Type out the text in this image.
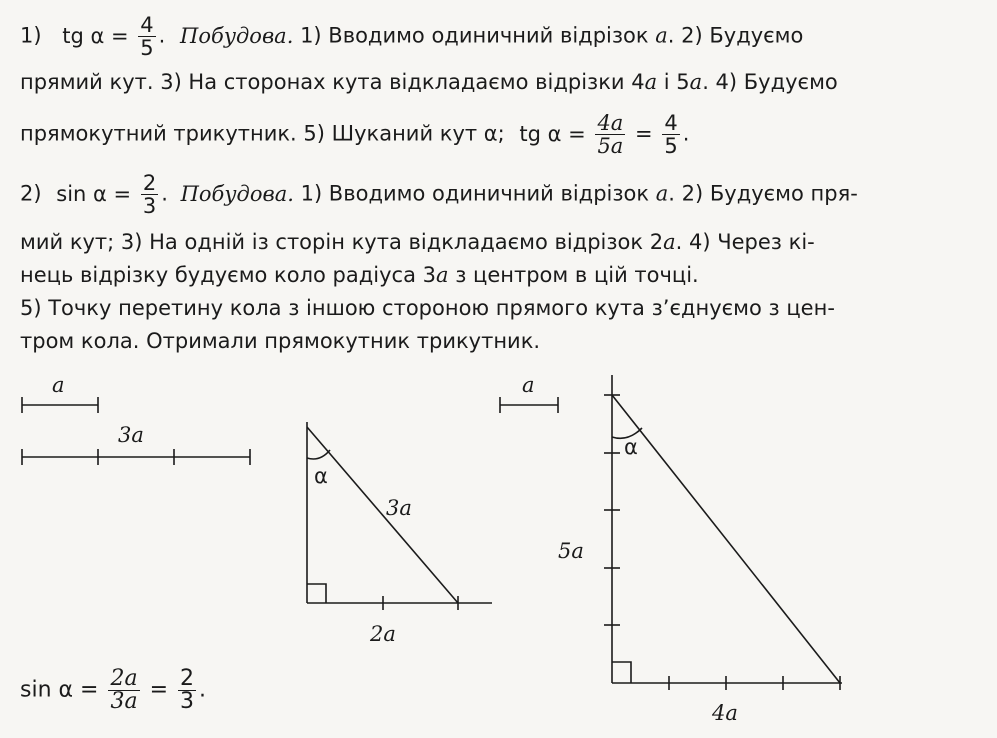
1) tg $\alpha = \frac{4}{5}$ . Побудова. 1) Вводимо одиничний відрізок a. 2) Будуємо
прямий кут. 3) На сторонах кута відкладаємо відрізки 4a і 5a. 4) Будуємо
прямокутний трикутник. 5) Шуканий кут α; tg $\alpha = \frac{4a}{5a} = \frac{4}{5}$ .
2) $\sin \alpha = \frac{2}{3}$ . Побудова. 1) Вводимо одиничний відрізок a. 2) Будуємо пря-
мий кут; 3) На одній із сторін кута відкладаємо відрізок 2a. 4) Через кі-
нець відрізку будуємо коло радіуса 3a з центром в цій точці.
5) Точку перетину кола з іншою стороною прямого кута з’єднуємо з цен-
тром кола. Отримали прямокутник трикутник.
a
3a
α
3a
2a
a
α
5a
4a
$\sin \alpha = \frac{2a}{3a} = \frac{2}{3}$ .
